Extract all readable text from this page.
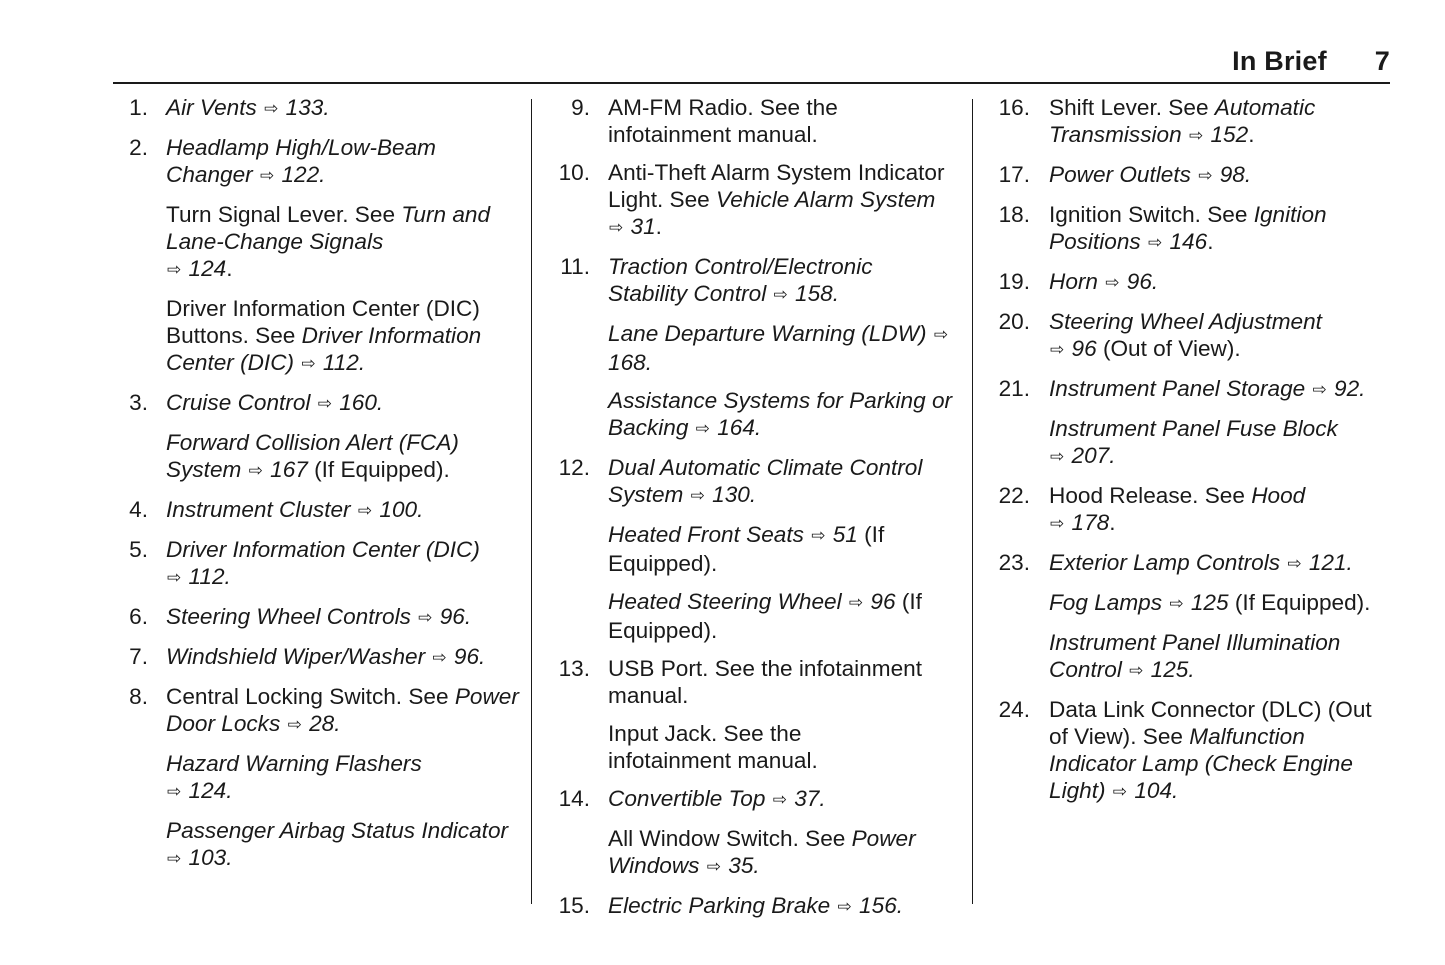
In Brief 7
1. Air Vents ⇨ 133.
2. Headlamp High/Low-Beam Changer ⇨ 122.
Turn Signal Lever. See Turn and Lane-Change Signals
⇨ 124.
Driver Information Center (DIC) Buttons. See Driver Information Center (DIC) ⇨ 112.
3. Cruise Control ⇨ 160.
Forward Collision Alert (FCA) System ⇨ 167 (If Equipped).
4. Instrument Cluster ⇨ 100.
5. Driver Information Center (DIC)
⇨ 112.
6. Steering Wheel Controls ⇨ 96.
7. Windshield Wiper/Washer ⇨ 96.
8. Central Locking Switch. See Power Door Locks ⇨ 28.
Hazard Warning Flashers
⇨ 124.
Passenger Airbag Status Indicator ⇨ 103.
9. AM-FM Radio. See the infotainment manual.
10. Anti-Theft Alarm System Indicator Light. See Vehicle Alarm System ⇨ 31.
11. Traction Control/Electronic Stability Control ⇨ 158.
Lane Departure Warning (LDW) ⇨ 168.
Assistance Systems for Parking or Backing ⇨ 164.
12. Dual Automatic Climate Control System ⇨ 130.
Heated Front Seats ⇨ 51 (If Equipped).
Heated Steering Wheel ⇨ 96 (If Equipped).
13. USB Port. See the infotainment manual.
Input Jack. See the
infotainment manual.
14. Convertible Top ⇨ 37.
All Window Switch. See Power Windows ⇨ 35.
15. Electric Parking Brake ⇨ 156.
16. Shift Lever. See Automatic Transmission ⇨ 152.
17. Power Outlets ⇨ 98.
18. Ignition Switch. See Ignition Positions ⇨ 146.
19. Horn ⇨ 96.
20. Steering Wheel Adjustment
⇨ 96 (Out of View).
21. Instrument Panel Storage ⇨ 92.
Instrument Panel Fuse Block
⇨ 207.
22. Hood Release. See Hood
⇨ 178.
23. Exterior Lamp Controls ⇨ 121.
Fog Lamps ⇨ 125 (If Equipped).
Instrument Panel Illumination Control ⇨ 125.
24. Data Link Connector (DLC) (Out of View). See Malfunction Indicator Lamp (Check Engine Light) ⇨ 104.
